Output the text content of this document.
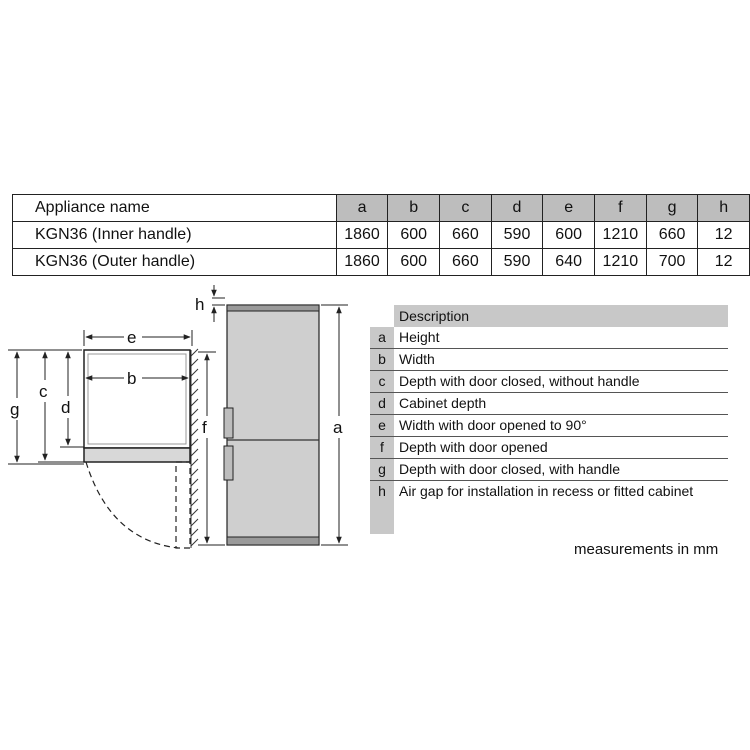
Appliance name	a	b	c	d	e	f	g	h
KGN36 (Inner handle)	1860	600	660	590	600	1210	660	12
KGN36 (Outer handle)	1860	600	660	590	640	1210	700	12
e
b
g
c
d
h
f	a
Description
a Height
b Width
c Depth with door closed, without handle
d Cabinet depth
e Width with door opened to 90°
f	Depth with door opened
g Depth with door closed, with handle
h Air gap for installation in recess or fitted cabinet
measurements in mm
